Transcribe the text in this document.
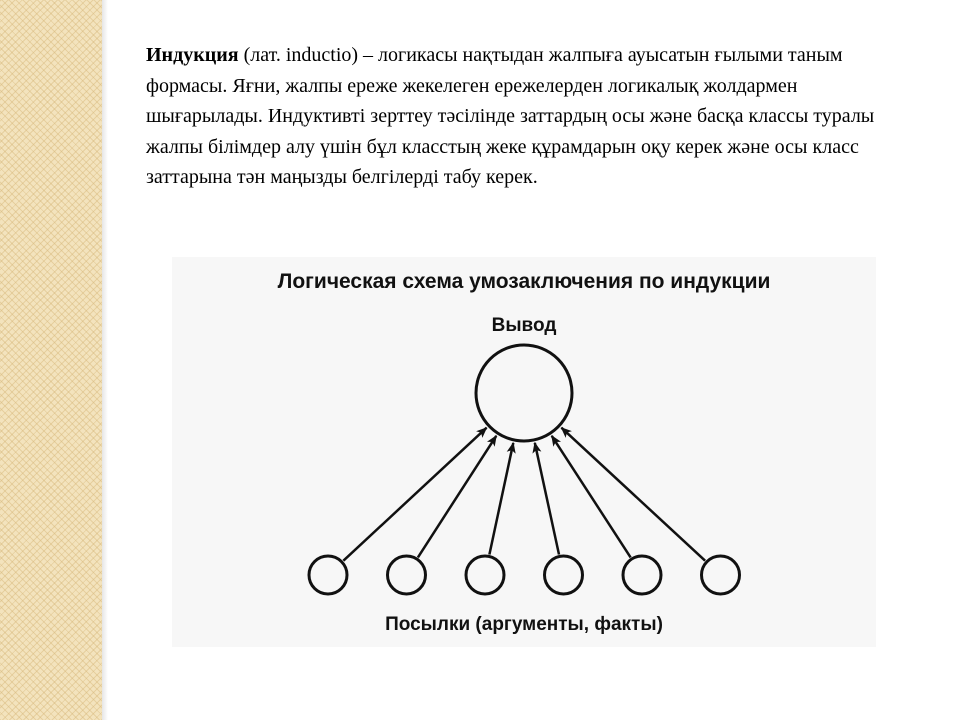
Индукция (лат. inductio) – логикасы нақтыдан жалпыға ауысатын ғылыми таным формасы. Яғни, жалпы ереже жекелеген ережелерден логикалық жолдармен шығарылады. Индуктивті зерттеу тәсілінде заттардың осы және басқа классы туралы жалпы білімдер алу үшін бұл класстың жеке құрамдарын оқу керек және осы класс заттарына тән маңызды белгілерді табу керек.

Логическая схема умозаключения по индукции
Вывод
Посылки (аргументы, факты)
